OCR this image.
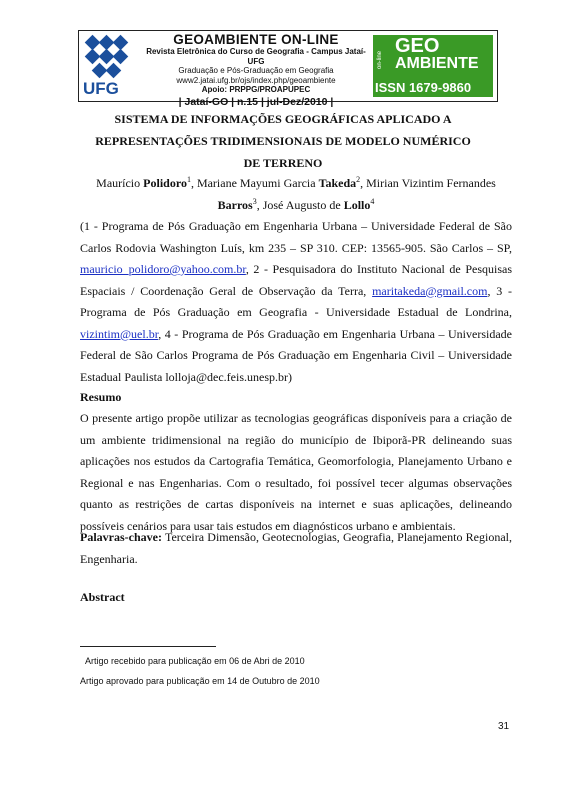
UFG
GEOAMBIENTE ON-LINE
Revista Eletrônica do Curso de Geografia - Campus Jataí- UFG
Graduação e Pós-Graduação em Geografia
www2.jatai.ufg.br/ojs/index.php/geoambiente
Apoio: PRPPG/PROAPUPEC
| Jataí-GO | n.15 | jul-Dez/2010 |
on-line
GEO
AMBIENTE
ISSN 1679-9860
SISTEMA DE INFORMAÇÕES GEOGRÁFICAS APLICADO A REPRESENTAÇÕES TRIDIMENSIONAIS DE MODELO NUMÉRICO DE TERRENO
Maurício Polidoro$^1$, Mariane Mayumi Garcia Takeda$^2$, Mirian Vizintim Fernandes Barros$^3$, José Augusto de Lollo$^4$
(1 - Programa de Pós Graduação em Engenharia Urbana – Universidade Federal de São Carlos Rodovia Washington Luís, km 235 – SP 310. CEP: 13565-905. São Carlos – SP, mauricio_polidoro@yahoo.com.br, 2 - Pesquisadora do Instituto Nacional de Pesquisas Espaciais / Coordenação Geral de Observação da Terra, maritakeda@gmail.com, 3 - Programa de Pós Graduação em Geografia - Universidade Estadual de Londrina, vizintim@uel.br, 4 - Programa de Pós Graduação em Engenharia Urbana – Universidade Federal de São Carlos Programa de Pós Graduação em Engenharia Civil – Universidade Estadual Paulista lolloja@dec.feis.unesp.br)
Resumo
O presente artigo propõe utilizar as tecnologias geográficas disponíveis para a criação de um ambiente tridimensional na região do município de Ibiporã-PR delineando suas aplicações nos estudos da Cartografia Temática, Geomorfologia, Planejamento Urbano e Regional e nas Engenharias. Com o resultado, foi possível tecer algumas observações quanto as restrições de cartas disponíveis na internet e suas aplicações, delineando possíveis cenários para usar tais estudos em diagnósticos urbano e ambientais.
Palavras-chave: Terceira Dimensão, Geotecnologias, Geografia, Planejamento Regional, Engenharia.
Abstract
Artigo recebido para publicação em 06 de Abri de 2010
Artigo aprovado para publicação em 14 de Outubro de 2010
31
